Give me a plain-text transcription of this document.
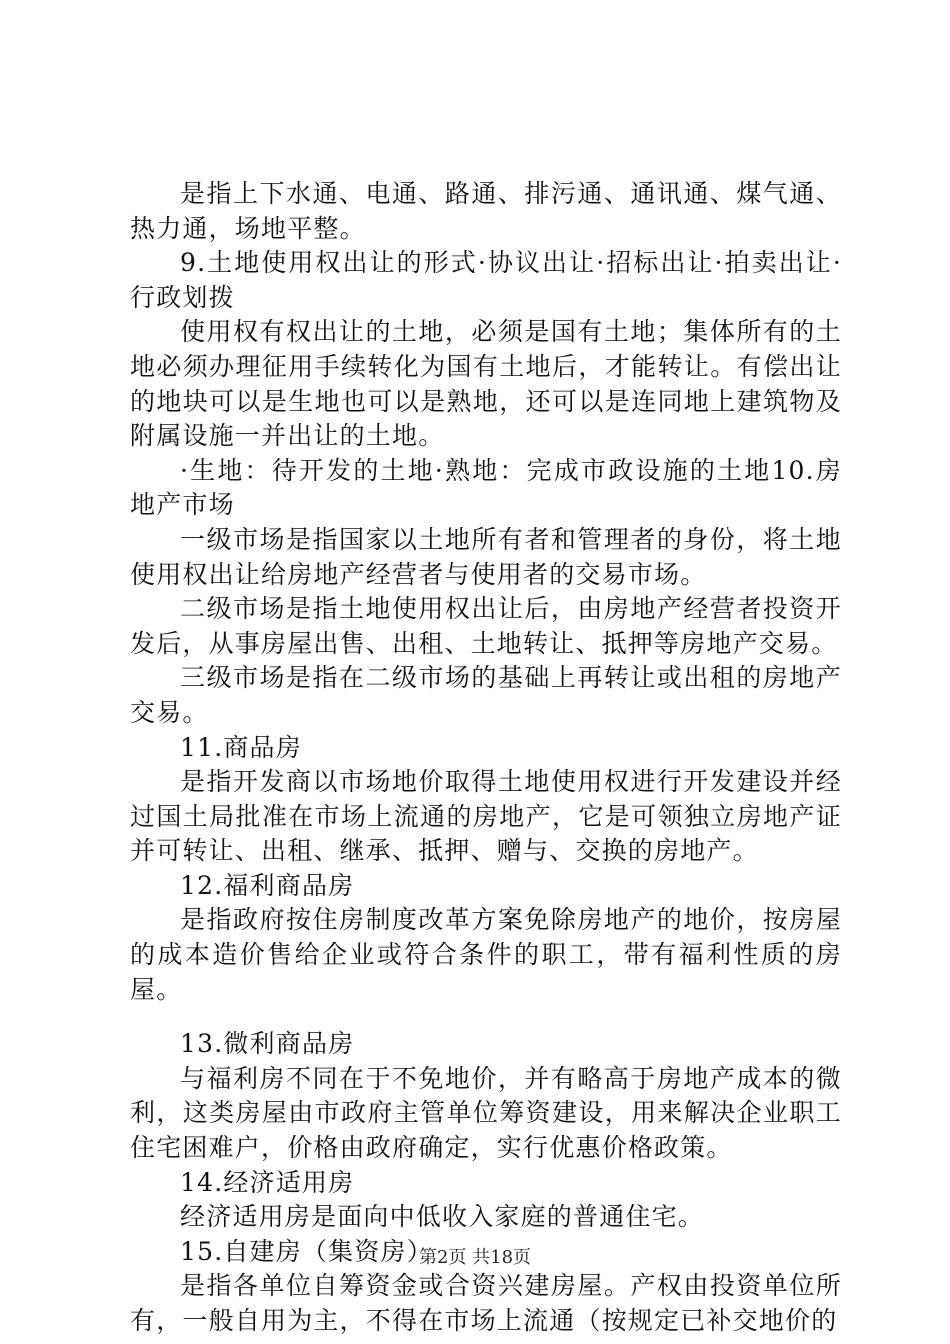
是指上下水通、电通、路通、排污通、通讯通、煤气通、热力通，场地平整。

9.土地使用权出让的形式·协议出让·招标出让·拍卖出让·行政划拨

使用权有权出让的土地，必须是国有土地；集体所有的土地必须办理征用手续转化为国有土地后，才能转让。有偿出让的地块可以是生地也可以是熟地，还可以是连同地上建筑物及附属设施一并出让的土地。

·生地：待开发的土地·熟地：完成市政设施的土地10.房地产市场

一级市场是指国家以土地所有者和管理者的身份，将土地使用权出让给房地产经营者与使用者的交易市场。

二级市场是指土地使用权出让后，由房地产经营者投资开发后，从事房屋出售、出租、土地转让、抵押等房地产交易。

三级市场是指在二级市场的基础上再转让或出租的房地产交易。

11.商品房

是指开发商以市场地价取得土地使用权进行开发建设并经过国土局批准在市场上流通的房地产，它是可领独立房地产证并可转让、出租、继承、抵押、赠与、交换的房地产。

12.福利商品房

是指政府按住房制度改革方案免除房地产的地价，按房屋的成本造价售给企业或符合条件的职工，带有福利性质的房屋。

13.微利商品房

与福利房不同在于不免地价，并有略高于房地产成本的微利，这类房屋由市政府主管单位筹资建设，用来解决企业职工住宅困难户，价格由政府确定，实行优惠价格政策。

14.经济适用房

经济适用房是面向中低收入家庭的普通住宅。

15.自建房（集资房）

是指各单位自筹资金或合资兴建房屋。产权由投资单位所有，一般自用为主，不得在市场上流通（按规定已补交地价的

第2页 共18页
